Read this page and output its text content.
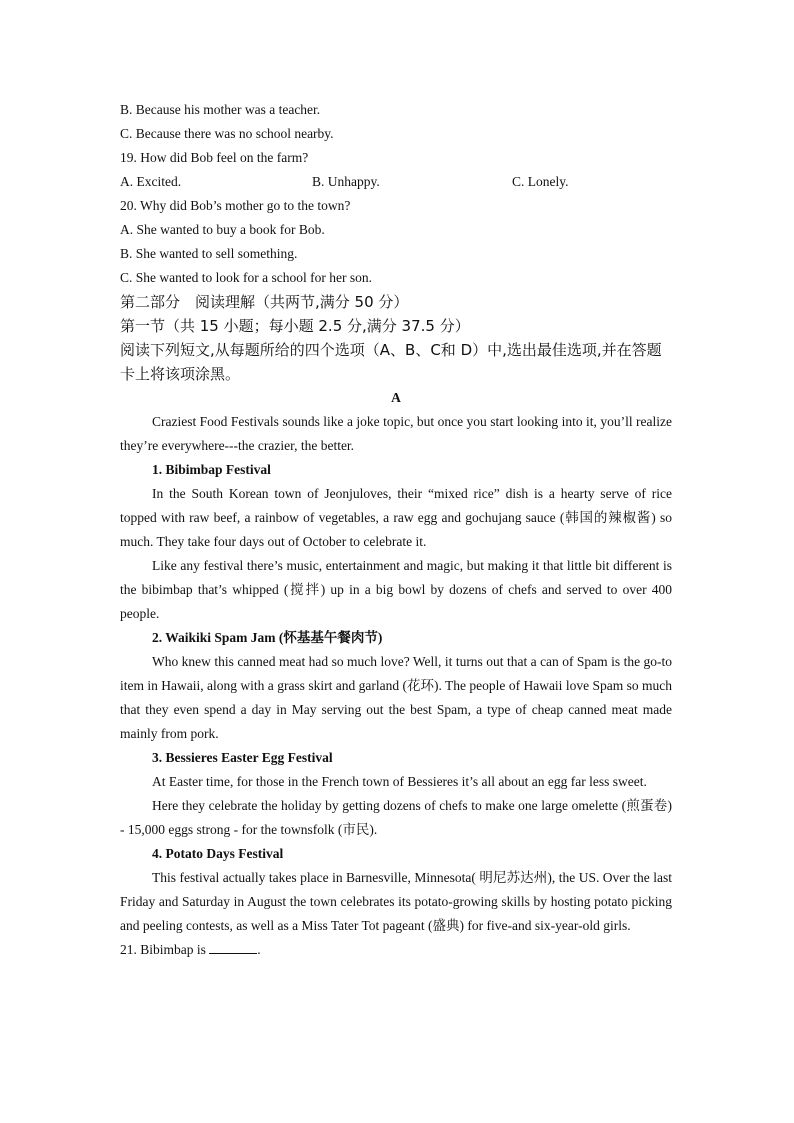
B. Because his mother was a teacher.
C. Because there was no school nearby.
19. How did Bob feel on the farm?
A. Excited.	B. Unhappy.	C. Lonely.
20. Why did Bob’s mother go to the town?
A. She wanted to buy a book for Bob.
B. She wanted to sell something.
C. She wanted to look for a school for her son.
第二部分　阅读理解（共两节,满分 50 分）
第一节（共 15 小题；每小题 2.5 分,满分 37.5 分）
阅读下列短文,从每题所给的四个选项（A、B、C和 D）中,选出最佳选项,并在答题卡上将该项涂黑。
A
Craziest Food Festivals sounds like a joke topic, but once you start looking into it, you’ll realize they’re everywhere---the crazier, the better.
1. Bibimbap Festival
In the South Korean town of Jeonjuloves, their “mixed rice” dish is a hearty serve of rice topped with raw beef, a rainbow of vegetables, a raw egg and gochujang sauce (韩国的辣椒酱) so much. They take four days out of October to celebrate it.
Like any festival there’s music, entertainment and magic, but making it that little bit different is the bibimbap that’s whipped (搅拌) up in a big bowl by dozens of chefs and served to over 400 people.
2. Waikiki Spam Jam (怀基基午餐肉节)
Who knew this canned meat had so much love? Well, it turns out that a can of Spam is the go-to item in Hawaii, along with a grass skirt and garland (花环). The people of Hawaii love Spam so much that they even spend a day in May serving out the best Spam, a type of cheap canned meat made mainly from pork.
3. Bessieres Easter Egg Festival
At Easter time, for those in the French town of Bessieres it’s all about an egg far less sweet.
Here they celebrate the holiday by getting dozens of chefs to make one large omelette (煎蛋卷) - 15,000 eggs strong - for the townsfolk (市民).
4. Potato Days Festival
This festival actually takes place in Barnesville, Minnesota( 明尼苏达州), the US. Over the last Friday and Saturday in August the town celebrates its potato-growing skills by hosting potato picking and peeling contests, as well as a Miss Tater Tot pageant (盛典) for five-and six-year-old girls.
21. Bibimbap is	.
